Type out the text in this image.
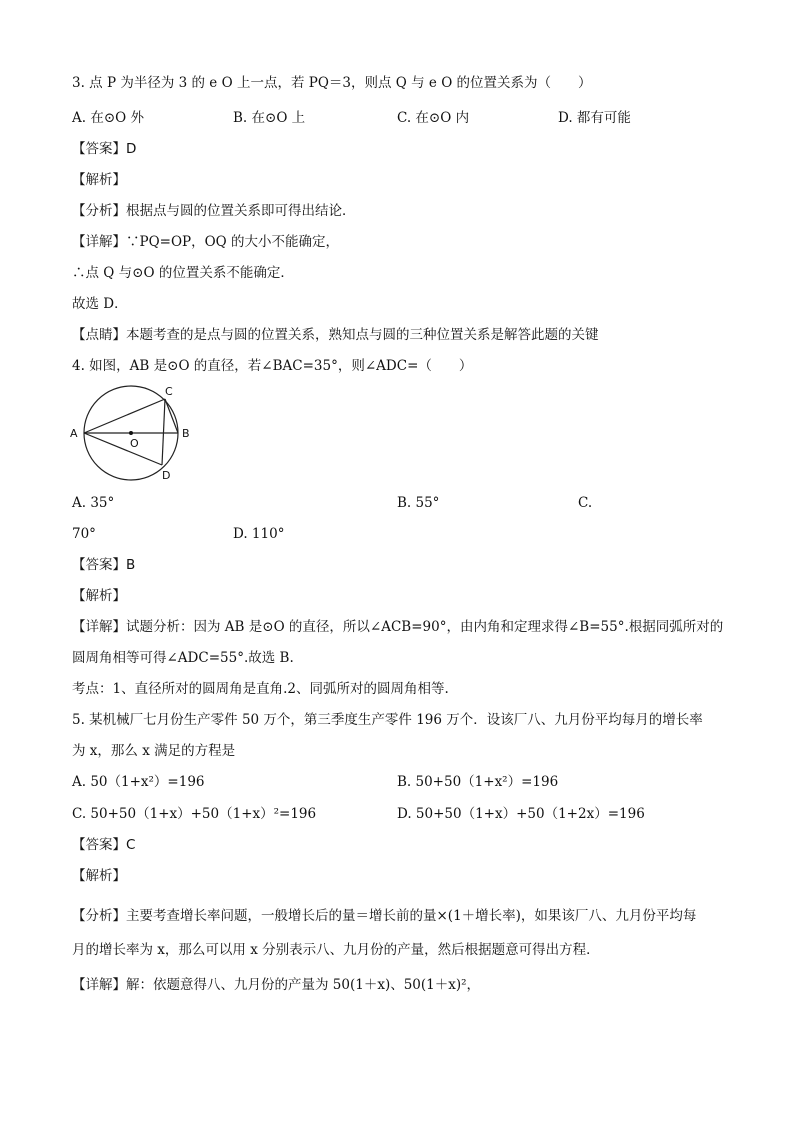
3. 点 P 为半径为 3 的 e O 上一点，若 PQ＝3，则点 Q 与 e O 的位置关系为（　　）
A. 在⊙O 外	B. 在⊙O 上	C. 在⊙O 内	D. 都有可能
【答案】D
【解析】
【分析】根据点与圆的位置关系即可得出结论．
【详解】∵PQ=OP，OQ 的大小不能确定，
∴点 Q 与⊙O 的位置关系不能确定．
故选 D．
【点睛】本题考查的是点与圆的位置关系，熟知点与圆的三种位置关系是解答此题的关键
4. 如图，AB 是⊙O 的直径，若∠BAC=35°，则∠ADC=（　　）
A	B
C
D
O
A. 35°	B. 55°	C.
70°	D. 110°
【答案】B
【解析】
【详解】试题分析：因为 AB 是⊙O 的直径，所以∠ACB=90°，由内角和定理求得∠B=55°.根据同弧所对的
圆周角相等可得∠ADC=55°.故选 B.
考点：1、直径所对的圆周角是直角.2、同弧所对的圆周角相等.
5. 某机械厂七月份生产零件 50 万个，第三季度生产零件 196 万个．设该厂八、九月份平均每月的增长率
为 x，那么 x 满足的方程是
A. 50（1+x²）=196	B. 50+50（1+x²）=196
C. 50+50（1+x）+50（1+x）²=196	D. 50+50（1+x）+50（1+2x）=196
【答案】C
【解析】
【分析】主要考查增长率问题，一般增长后的量＝增长前的量×(1＋增长率)，如果该厂八、九月份平均每
月的增长率为 x，那么可以用 x 分别表示八、九月份的产量，然后根据题意可得出方程．
【详解】解：依题意得八、九月份的产量为 50(1＋x)、50(1＋x)²，
